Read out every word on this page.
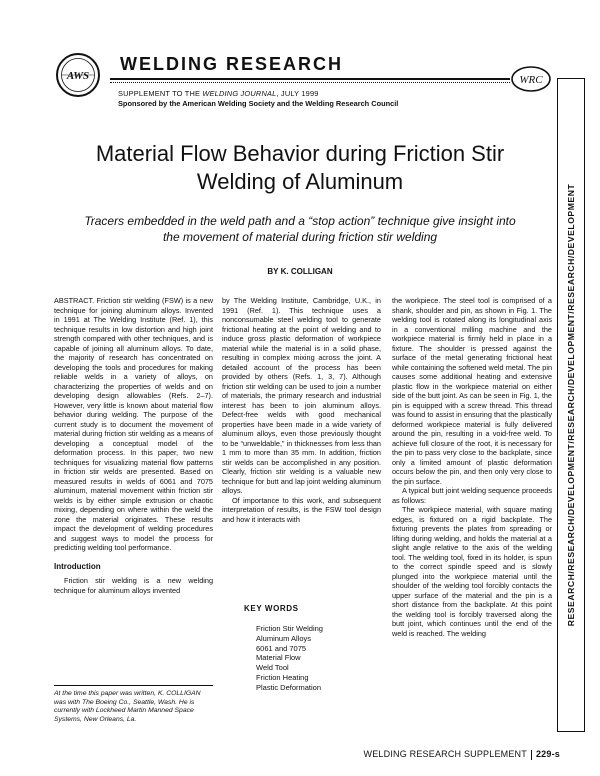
AWS	WRC
WELDING RESEARCH
SUPPLEMENT TO THE WELDING JOURNAL, JULY 1999
Sponsored by the American Welding Society and the Welding Research Council
RESEARCH/RESEARCH/DEVELOPMENT/RESEARCH/DEVELOPMENT/RESEARCH/DEVELOPMENT
Material Flow Behavior during Friction Stir
Welding of Aluminum
Tracers embedded in the weld path and a “stop action” technique give insight into
the movement of material during friction stir welding
BY K. COLLIGAN

ABSTRACT. Friction stir welding (FSW) is a new technique for joining aluminum alloys. Invented in 1991 at The Welding Institute (Ref. 1), this technique results in low distortion and high joint strength compared with other techniques, and is capable of joining all aluminum alloys. To date, the majority of research has concentrated on developing the tools and procedures for making reliable welds in a variety of alloys, on characterizing the properties of welds and on developing design allowables (Refs. 2–7). However, very little is known about material flow behavior during welding. The purpose of the current study is to document the movement of material during friction stir welding as a means of developing a conceptual model of the deformation process. In this paper, two new techniques for visualizing material flow patterns in friction stir welds are presented. Based on measured results in welds of 6061 and 7075 aluminum, material movement within friction stir welds is by either simple extrusion or chaotic mixing, depending on where within the weld the zone the material originates. These results impact the development of welding procedures and suggest ways to model the process for predicting welding tool performance.

Introduction

Friction stir welding is a new welding technique for aluminum alloys invented

At the time this paper was written, K. COLLIGAN was with The Boeing Co., Seattle, Wash. He is currently with Lockheed Martin Manned Space Systems, New Orleans, La.

by The Welding Institute, Cambridge, U.K., in 1991 (Ref. 1). This technique uses a nonconsumable steel welding tool to generate frictional heating at the point of welding and to induce gross plastic deformation of workpiece material while the material is in a solid phase, resulting in complex mixing across the joint. A detailed account of the process has been provided by others (Refs. 1, 3, 7). Although friction stir welding can be used to join a number of materials, the primary research and industrial interest has been to join aluminum alloys. Defect-free welds with good mechanical properties have been made in a wide variety of aluminum alloys, even those previously thought to be “unweldable,” in thicknesses from less than 1 mm to more than 35 mm. In addition, friction stir welds can be accomplished in any position. Clearly, friction stir welding is a valuable new technique for butt and lap joint welding aluminum alloys.

Of importance to this work, and subsequent interpretation of results, is the FSW tool design and how it interacts with

KEY WORDS
Friction Stir Welding
Aluminum Alloys
6061 and 7075
Material Flow
Weld Tool
Friction Heating
Plastic Deformation

the workpiece. The steel tool is comprised of a shank, shoulder and pin, as shown in Fig. 1. The welding tool is rotated along its longitudinal axis in a conventional milling machine and the workpiece material is firmly held in place in a fixture. The shoulder is pressed against the surface of the metal generating frictional heat while containing the softened weld metal. The pin causes some additional heating and extensive plastic flow in the workpiece material on either side of the butt joint. As can be seen in Fig. 1, the pin is equipped with a screw thread. This thread was found to assist in ensuring that the plastically deformed workpiece material is fully delivered around the pin, resulting in a void-free weld. To achieve full closure of the root, it is necessary for the pin to pass very close to the backplate, since only a limited amount of plastic deformation occurs below the pin, and then only very close to the pin surface.

A typical butt joint welding sequence proceeds as follows:

The workpiece material, with square mating edges, is fixtured on a rigid backplate. The fixturing prevents the plates from spreading or lifting during welding, and holds the material at a slight angle relative to the axis of the welding tool. The welding tool, fixed in its holder, is spun to the correct spindle speed and is slowly plunged into the workpiece material until the shoulder of the welding tool forcibly contacts the upper surface of the material and the pin is a short distance from the backplate. At this point the welding tool is forcibly traversed along the butt joint, which continues until the end of the weld is reached. The welding

WELDING RESEARCH SUPPLEMENT 229-s
